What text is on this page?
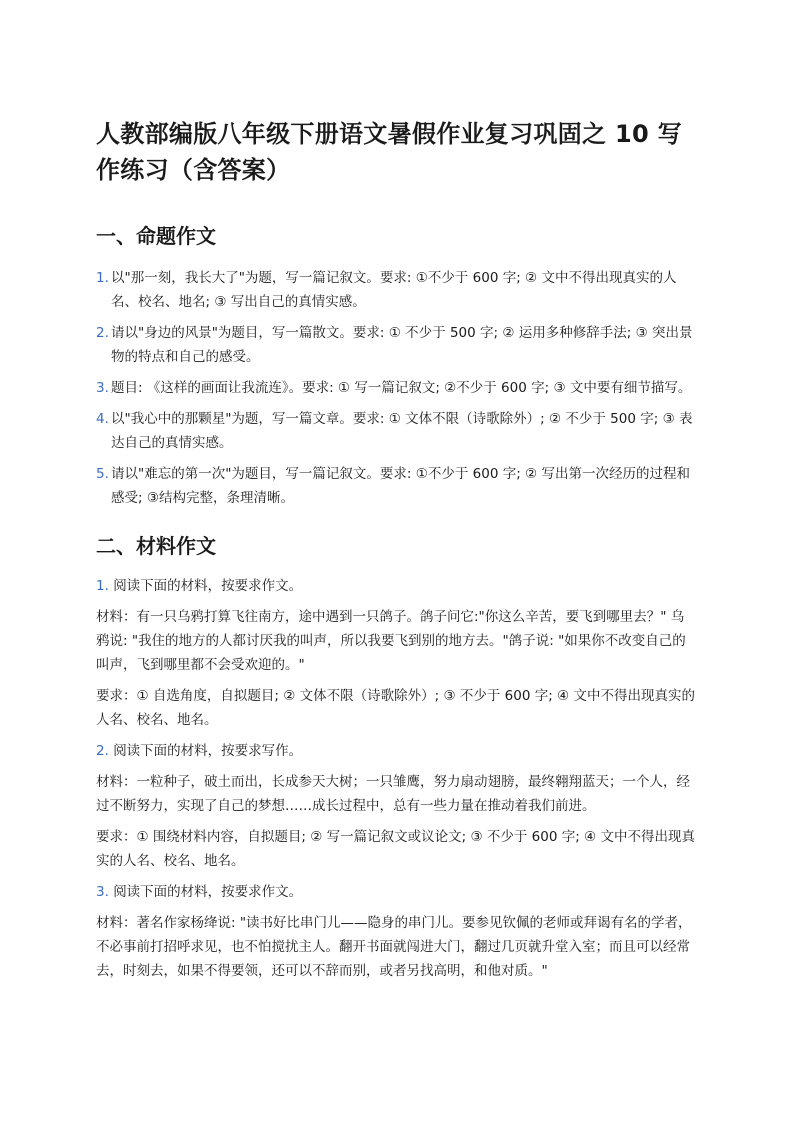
人教部编版八年级下册语文暑假作业复习巩固之 10 写作练习（含答案）
一、命题作文
1. 以"那一刻，我长大了"为题，写一篇记叙文。要求: ①不少于 600 字; ② 文中不得出现真实的人名、校名、地名; ③ 写出自己的真情实感。
2. 请以"身边的风景"为题目，写一篇散文。要求: ① 不少于 500 字; ② 运用多种修辞手法; ③ 突出景物的特点和自己的感受。
3. 题目: 《这样的画面让我流连》。要求: ① 写一篇记叙文; ②不少于 600 字; ③ 文中要有细节描写。
4. 以"我心中的那颗星"为题，写一篇文章。要求: ① 文体不限（诗歌除外）; ② 不少于 500 字; ③ 表达自己的真情实感。
5. 请以"难忘的第一次"为题目，写一篇记叙文。要求: ①不少于 600 字; ② 写出第一次经历的过程和感受; ③结构完整，条理清晰。
二、材料作文

1. 阅读下面的材料，按要求作文。

材料：有一只乌鸦打算飞往南方，途中遇到一只鸽子。鸽子问它:"你这么辛苦，要飞到哪里去？" 乌鸦说: "我住的地方的人都讨厌我的叫声，所以我要飞到别的地方去。"鸽子说: "如果你不改变自己的叫声，飞到哪里都不会受欢迎的。"

要求：① 自选角度，自拟题目; ② 文体不限（诗歌除外）; ③ 不少于 600 字; ④ 文中不得出现真实的人名、校名、地名。

2. 阅读下面的材料，按要求写作。

材料：一粒种子，破土而出，长成参天大树；一只雏鹰，努力扇动翅膀，最终翱翔蓝天；一个人，经过不断努力，实现了自己的梦想……成长过程中，总有一些力量在推动着我们前进。

要求：① 围绕材料内容，自拟题目; ② 写一篇记叙文或议论文; ③ 不少于 600 字; ④ 文中不得出现真实的人名、校名、地名。

3. 阅读下面的材料，按要求作文。

材料：著名作家杨绛说: "读书好比串门儿——隐身的串门儿。要参见钦佩的老师或拜谒有名的学者，不必事前打招呼求见，也不怕搅扰主人。翻开书面就闯进大门，翻过几页就升堂入室；而且可以经常去，时刻去，如果不得要领，还可以不辞而别，或者另找高明，和他对质。"
